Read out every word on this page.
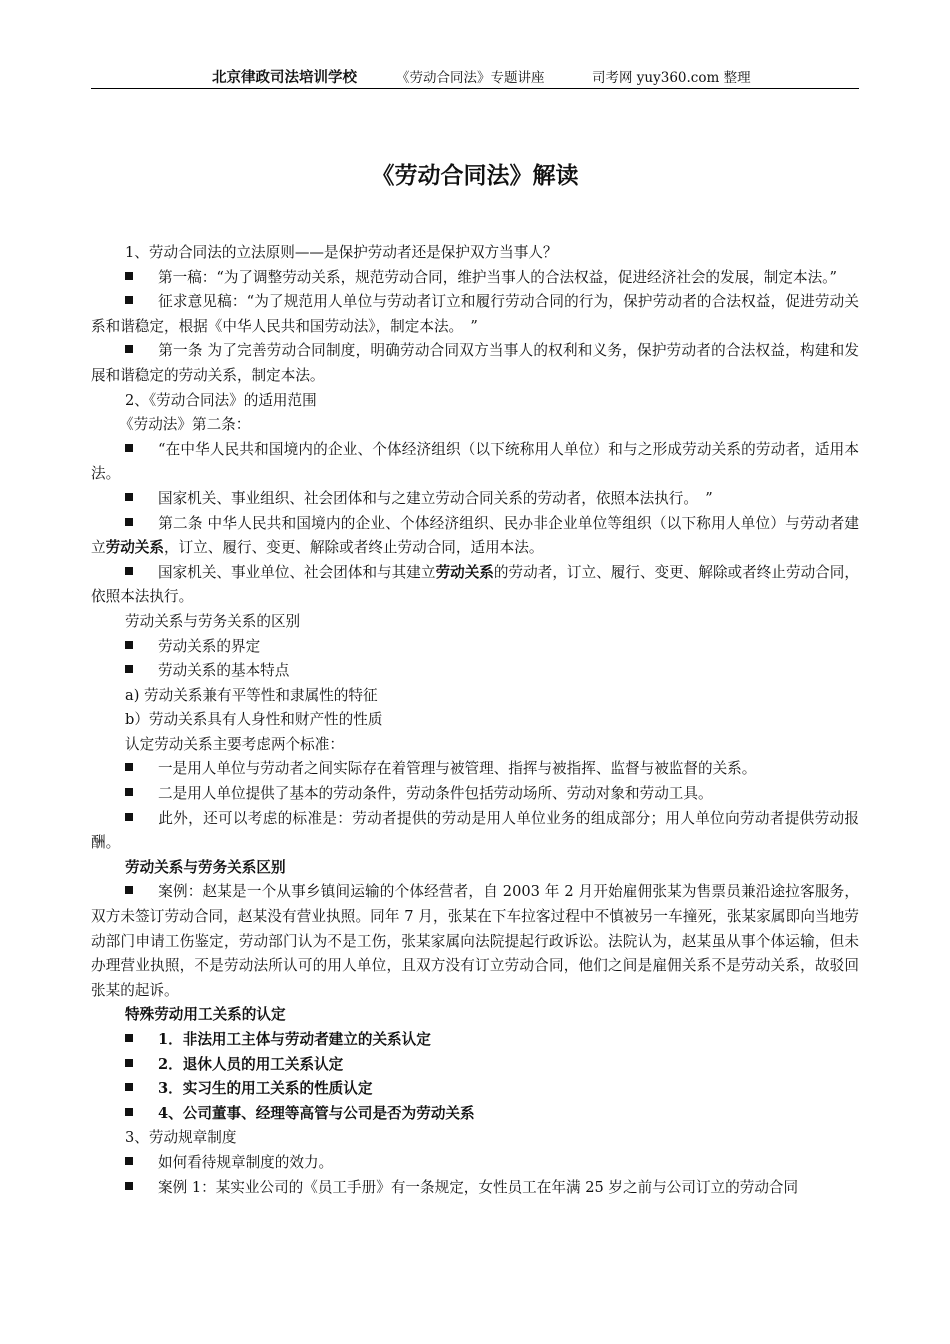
北京律政司法培训学校	《劳动合同法》专题讲座	司考网 yuy360.com 整理
《劳动合同法》解读

1、劳动合同法的立法原则——是保护劳动者还是保护双方当事人？

第一稿：“为了调整劳动关系，规范劳动合同，维护当事人的合法权益，促进经济社会的发展，制定本法。”

征求意见稿：“为了规范用人单位与劳动者订立和履行劳动合同的行为，保护劳动者的合法权益，促进劳动关系和谐稳定，根据《中华人民共和国劳动法》，制定本法。　”

第一条 为了完善劳动合同制度，明确劳动合同双方当事人的权利和义务，保护劳动者的合法权益，构建和发展和谐稳定的劳动关系，制定本法。

2、《劳动合同法》的适用范围

《劳动法》第二条：

“在中华人民共和国境内的企业、个体经济组织（以下统称用人单位）和与之形成劳动关系的劳动者，适用本法。

国家机关、事业组织、社会团体和与之建立劳动合同关系的劳动者，依照本法执行。　”

第二条 中华人民共和国境内的企业、个体经济组织、民办非企业单位等组织（以下称用人单位）与劳动者建立劳动关系，订立、履行、变更、解除或者终止劳动合同，适用本法。

国家机关、事业单位、社会团体和与其建立劳动关系的劳动者，订立、履行、变更、解除或者终止劳动合同，依照本法执行。

劳动关系与劳务关系的区别

劳动关系的界定

劳动关系的基本特点

a) 劳动关系兼有平等性和隶属性的特征

b）劳动关系具有人身性和财产性的性质

认定劳动关系主要考虑两个标准：

一是用人单位与劳动者之间实际存在着管理与被管理、指挥与被指挥、监督与被监督的关系。

二是用人单位提供了基本的劳动条件，劳动条件包括劳动场所、劳动对象和劳动工具。

此外，还可以考虑的标准是：劳动者提供的劳动是用人单位业务的组成部分；用人单位向劳动者提供劳动报酬。

劳动关系与劳务关系区别

案例：赵某是一个从事乡镇间运输的个体经营者，自 2003 年 2 月开始雇佣张某为售票员兼沿途拉客服务，双方未签订劳动合同，赵某没有营业执照。同年 7 月，张某在下车拉客过程中不慎被另一车撞死，张某家属即向当地劳动部门申请工伤鉴定，劳动部门认为不是工伤，张某家属向法院提起行政诉讼。法院认为，赵某虽从事个体运输，但未办理营业执照，不是劳动法所认可的用人单位，且双方没有订立劳动合同，他们之间是雇佣关系不是劳动关系，故驳回张某的起诉。

特殊劳动用工关系的认定

1．非法用工主体与劳动者建立的关系认定

2．退休人员的用工关系认定

3．实习生的用工关系的性质认定

4、公司董事、经理等高管与公司是否为劳动关系

3、劳动规章制度

如何看待规章制度的效力。

案例 1：某实业公司的《员工手册》有一条规定，女性员工在年满 25 岁之前与公司订立的劳动合同
